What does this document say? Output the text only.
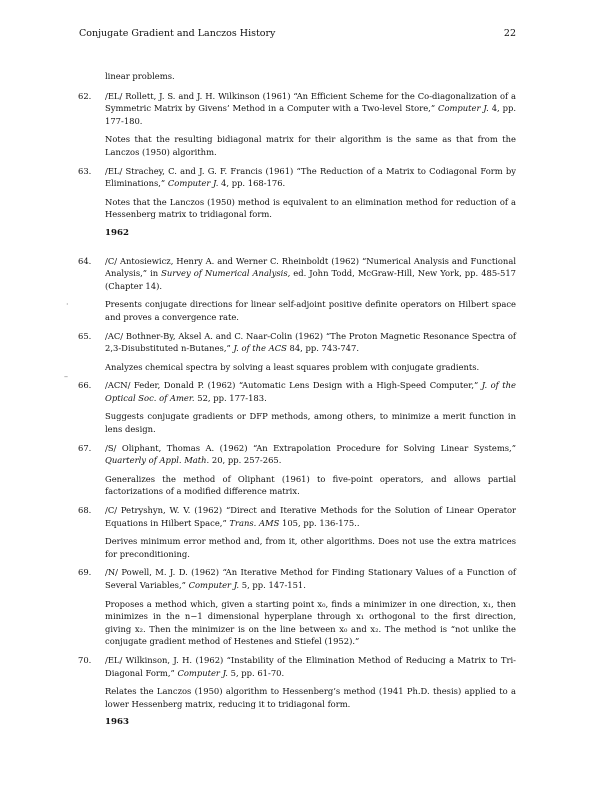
Conjugate Gradient and Lanczos History	22

linear problems.

62.	/EL/ Rollett, J. S. and J. H. Wilkinson (1961) “An Efficient Scheme for the Co-diagonalization of a Symmetric Matrix by Givens’ Method in a Computer with a Two-level Store,” Computer J. 4, pp. 177-180.

Notes that the resulting bidiagonal matrix for their algorithm is the same as that from the Lanczos (1950) algorithm.

63.	/EL/ Strachey, C. and J. G. F. Francis (1961) “The Reduction of a Matrix to Codiagonal Form by Eliminations,” Computer J. 4, pp. 168-176.

Notes that the Lanczos (1950) method is equivalent to an elimination method for reduction of a Hessenberg matrix to tridiagonal form.

1962
64.	/C/ Antosiewicz, Henry A. and Werner C. Rheinboldt (1962) “Numerical Analysis and Functional Analysis,” in Survey of Numerical Analysis, ed. John Todd, McGraw-Hill, New York, pp. 485-517 (Chapter 14).

Presents conjugate directions for linear self-adjoint positive definite operators on Hilbert space and proves a convergence rate.

65.	/AC/ Bothner-By, Aksel A. and C. Naar-Colin (1962) “The Proton Magnetic Resonance Spectra of 2,3-Disubstituted n-Butanes,” J. of the ACS 84, pp. 743-747.

Analyzes chemical spectra by solving a least squares problem with conjugate gradients.

66.	/ACN/ Feder, Donald P. (1962) “Automatic Lens Design with a High-Speed Computer,” J. of the Optical Soc. of Amer. 52, pp. 177-183.

Suggests conjugate gradients or DFP methods, among others, to minimize a merit function in lens design.

67.	/S/ Oliphant, Thomas A. (1962) “An Extrapolation Procedure for Solving Linear Systems,” Quarterly of Appl. Math. 20, pp. 257-265.

Generalizes the method of Oliphant (1961) to five-point operators, and allows partial factorizations of a modified difference matrix.

68.	/C/ Petryshyn, W. V. (1962) “Direct and Iterative Methods for the Solution of Linear Operator Equations in Hilbert Space,” Trans. AMS 105, pp. 136-175..

Derives minimum error method and, from it, other algorithms. Does not use the extra matrices for preconditioning.

69.	/N/ Powell, M. J. D. (1962) “An Iterative Method for Finding Stationary Values of a Function of Several Variables,” Computer J. 5, pp. 147-151.

Proposes a method which, given a starting point x₀, finds a minimizer in one direction, x₁, then minimizes in the n−1 dimensional hyperplane through x₁ orthogonal to the first direction, giving x₂. Then the minimizer is on the line between x₀ and x₂. The method is “not unlike the conjugate gradient method of Hestenes and Stiefel (1952).”

70.	/EL/ Wilkinson, J. H. (1962) “Instability of the Elimination Method of Reducing a Matrix to Tri-Diagonal Form,” Computer J. 5, pp. 61-70.

Relates the Lanczos (1950) algorithm to Hessenberg’s method (1941 Ph.D. thesis) applied to a lower Hessenberg matrix, reducing it to tridiagonal form.

1963
·
–
